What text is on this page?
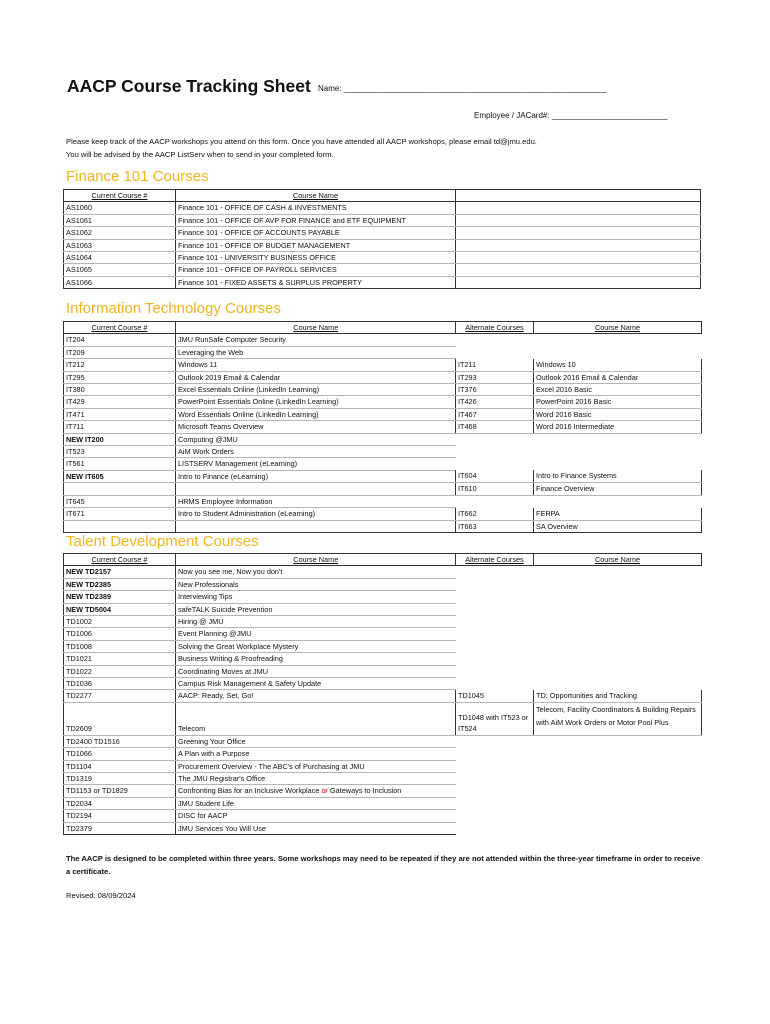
AACP Course Tracking Sheet Name: ___________________________________________________________
Employee / JACard#: __________________________
Please keep track of the AACP workshops you attend on this form. Once you have attended all AACP workshops, please email td@jmu.edu.
You will be advised by the AACP ListServ when to send in your completed form.
Finance 101 Courses
Current Course #	Course Name	
AS1060	Finance 101 - OFFICE OF CASH & INVESTMENTS	
AS1061	Finance 101 - OFFICE OF AVP FOR FINANCE and ETF EQUIPMENT	
AS1062	Finance 101 - OFFICE OF ACCOUNTS PAYABLE	
AS1063	Finance 101 - OFFICE OF BUDGET MANAGEMENT	
AS1064	Finance 101 - UNIVERSITY BUSINESS OFFICE	
AS1065	Finance 101 - OFFICE OF PAYROLL SERVICES	
AS1066	Finance 101 - FIXED ASSETS & SURPLUS PROPERTY	
Information Technology Courses
Current Course #	Course Name		Alternate Courses	Course Name
IT204	JMU RunSafe Computer Security			
IT209	Leveraging the Web			
IT212	Windows 11		IT211	Windows 10
IT295	Outlook 2019 Email & Calendar		IT293	Outlook 2016 Email & Calendar
IT380	Excel Essentials Online (LinkedIn Learning)		IT376	Excel 2016 Basic
IT429	PowerPoint Essentials Online (LinkedIn Learning)		IT426	PowerPoint 2016 Basic
IT471	Word Essentials Online (LinkedIn Learning)		IT467	Word 2016 Basic
IT711	Microsoft Teams Overview		IT468	Word 2016 Intermediate
NEW IT200	Computing @JMU			
IT523	AiM Work Orders			
IT561	LISTSERV Management (eLearning)			
NEW IT605	Intro to Finance (eLearning)		IT604	Intro to Finance Systems
			IT610	Finance Overview
IT645	HRMS Employee Information			
IT671	Intro to Student Administration (eLearning)		IT662	FERPA
			IT663	SA Overview
Talent Development Courses
Current Course #	Course Name		Alternate Courses	Course Name
NEW TD2157	Now you see me, Now you don't			
NEW TD2385	New Professionals			
NEW TD2389	Interviewing Tips			
NEW TD5004	safeTALK Suicide Prevention			
TD1002	Hiring @ JMU			
TD1006	Event Planning @JMU			
TD1008	Solving the Great Workplace Mystery			
TD1021	Business Writing & Proofreading			
TD1022	Coordinating Moves at JMU			
TD1036	Campus Risk Management & Safety Update			
TD2277	AACP: Ready, Set, Go!		TD1045	TD: Opportunities and Tracking
TD2609	Telecom		TD1048 with IT523 or IT524	Telecom, Facility Coordinators & Building Repairs with AiM Work Orders or Motor Pool Plus
TD2400 TD1516	Greening Your Office			
TD1066	A Plan with a Purpose			
TD1104	Procurement Overview - The ABC's of Purchasing at JMU			
TD1319	The JMU Registrar's Office			
TD1153 or TD1829	Confronting Bias for an Inclusive Workplace or Gateways to Inclusion			
TD2034	JMU Student Life			
TD2194	DISC for AACP			
TD2379	JMU Services You Will Use			
The AACP is designed to be completed within three years. Some workshops may need to be repeated if they are not attended within the three-year timeframe in order to receive a certificate.
Revised: 08/09/2024
